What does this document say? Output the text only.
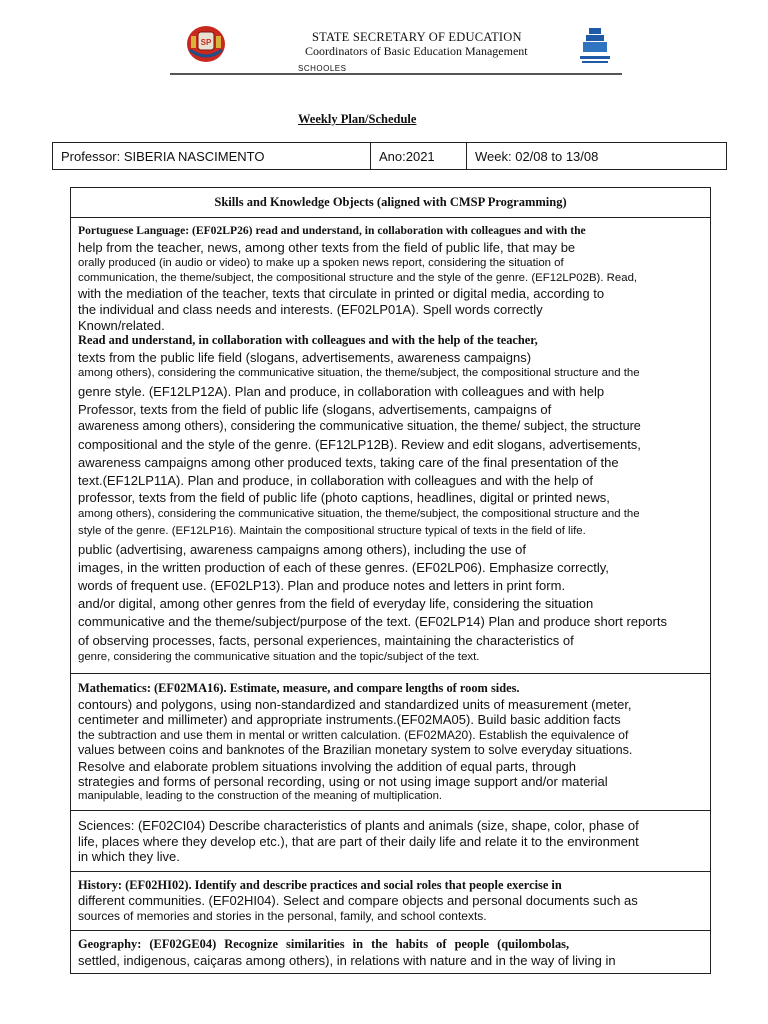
SP	STATE SECRETARY OF EDUCATION
Coordinators of Basic Education Management
SCHOOLES
Weekly Plan/Schedule
Professor: SIBERIA NASCIMENTO	Ano:2021	Week: 02/08 to 13/08
Skills and Knowledge Objects (aligned with CMSP Programming)
Portuguese Language: (EF02LP26) read and understand, in collaboration with colleagues and with the
help from the teacher, news, among other texts from the field of public life, that may be
orally produced (in audio or video) to make up a spoken news report, considering the situation of
communication, the theme/subject, the compositional structure and the style of the genre. (EF12LP02B). Read,
with the mediation of the teacher, texts that circulate in printed or digital media, according to
the individual and class needs and interests. (EF02LP01A). Spell words correctly
Known/related.
Read and understand, in collaboration with colleagues and with the help of the teacher,
texts from the public life field (slogans, advertisements, awareness campaigns)
among others), considering the communicative situation, the theme/subject, the compositional structure and the
genre style. (EF12LP12A). Plan and produce, in collaboration with colleagues and with help
Professor, texts from the field of public life (slogans, advertisements, campaigns of
awareness among others), considering the communicative situation, the theme/ subject, the structure
compositional and the style of the genre. (EF12LP12B). Review and edit slogans, advertisements,
awareness campaigns among other produced texts, taking care of the final presentation of the
text.(EF12LP11A). Plan and produce, in collaboration with colleagues and with the help of
professor, texts from the field of public life (photo captions, headlines, digital or printed news,
among others), considering the communicative situation, the theme/subject, the compositional structure and the
style of the genre. (EF12LP16). Maintain the compositional structure typical of texts in the field of life.
public (advertising, awareness campaigns among others), including the use of
images, in the written production of each of these genres. (EF02LP06). Emphasize correctly,
words of frequent use. (EF02LP13). Plan and produce notes and letters in print form.
and/or digital, among other genres from the field of everyday life, considering the situation
communicative and the theme/subject/purpose of the text. (EF02LP14) Plan and produce short reports
of observing processes, facts, personal experiences, maintaining the characteristics of
genre, considering the communicative situation and the topic/subject of the text.
Mathematics: (EF02MA16). Estimate, measure, and compare lengths of room sides.
contours) and polygons, using non-standardized and standardized units of measurement (meter,
centimeter and millimeter) and appropriate instruments.(EF02MA05). Build basic addition facts
the subtraction and use them in mental or written calculation. (EF02MA20). Establish the equivalence of
values between coins and banknotes of the Brazilian monetary system to solve everyday situations.
Resolve and elaborate problem situations involving the addition of equal parts, through
strategies and forms of personal recording, using or not using image support and/or material
manipulable, leading to the construction of the meaning of multiplication.
Sciences: (EF02CI04) Describe characteristics of plants and animals (size, shape, color, phase of
life, places where they develop etc.), that are part of their daily life and relate it to the environment
in which they live.
History: (EF02HI02). Identify and describe practices and social roles that people exercise in
different communities. (EF02HI04). Select and compare objects and personal documents such as
sources of memories and stories in the personal, family, and school contexts.
Geography: (EF02GE04) Recognize similarities in the habits of people (quilombolas,
settled, indigenous, caiçaras among others), in relations with nature and in the way of living in
